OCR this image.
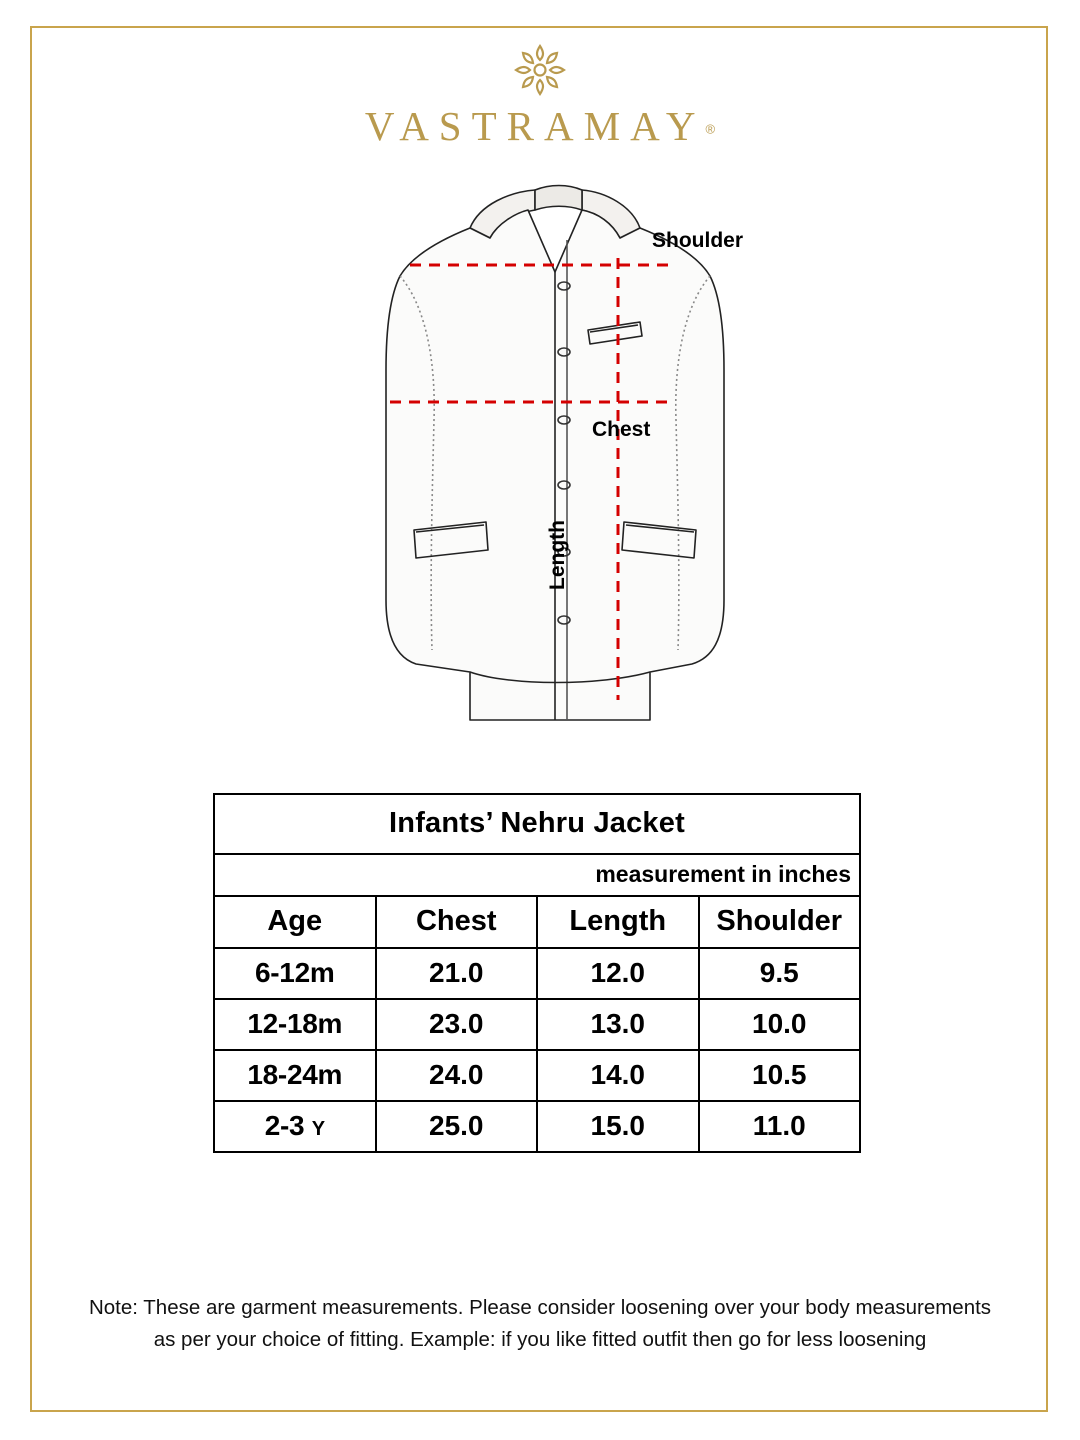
VASTRAMAY®
Shoulder
Chest
Length
Infants’ Nehru Jacket			
	measurement in inches		
Age	Chest	Length	Shoulder
6-12m	21.0	12.0	9.5
12-18m	23.0	13.0	10.0
18-24m	24.0	14.0	10.5
2-3 Y	25.0	15.0	11.0
Note: These are garment measurements. Please consider loosening over your body measurements
as per your choice of fitting. Example: if you like fitted outfit then go for less loosening
